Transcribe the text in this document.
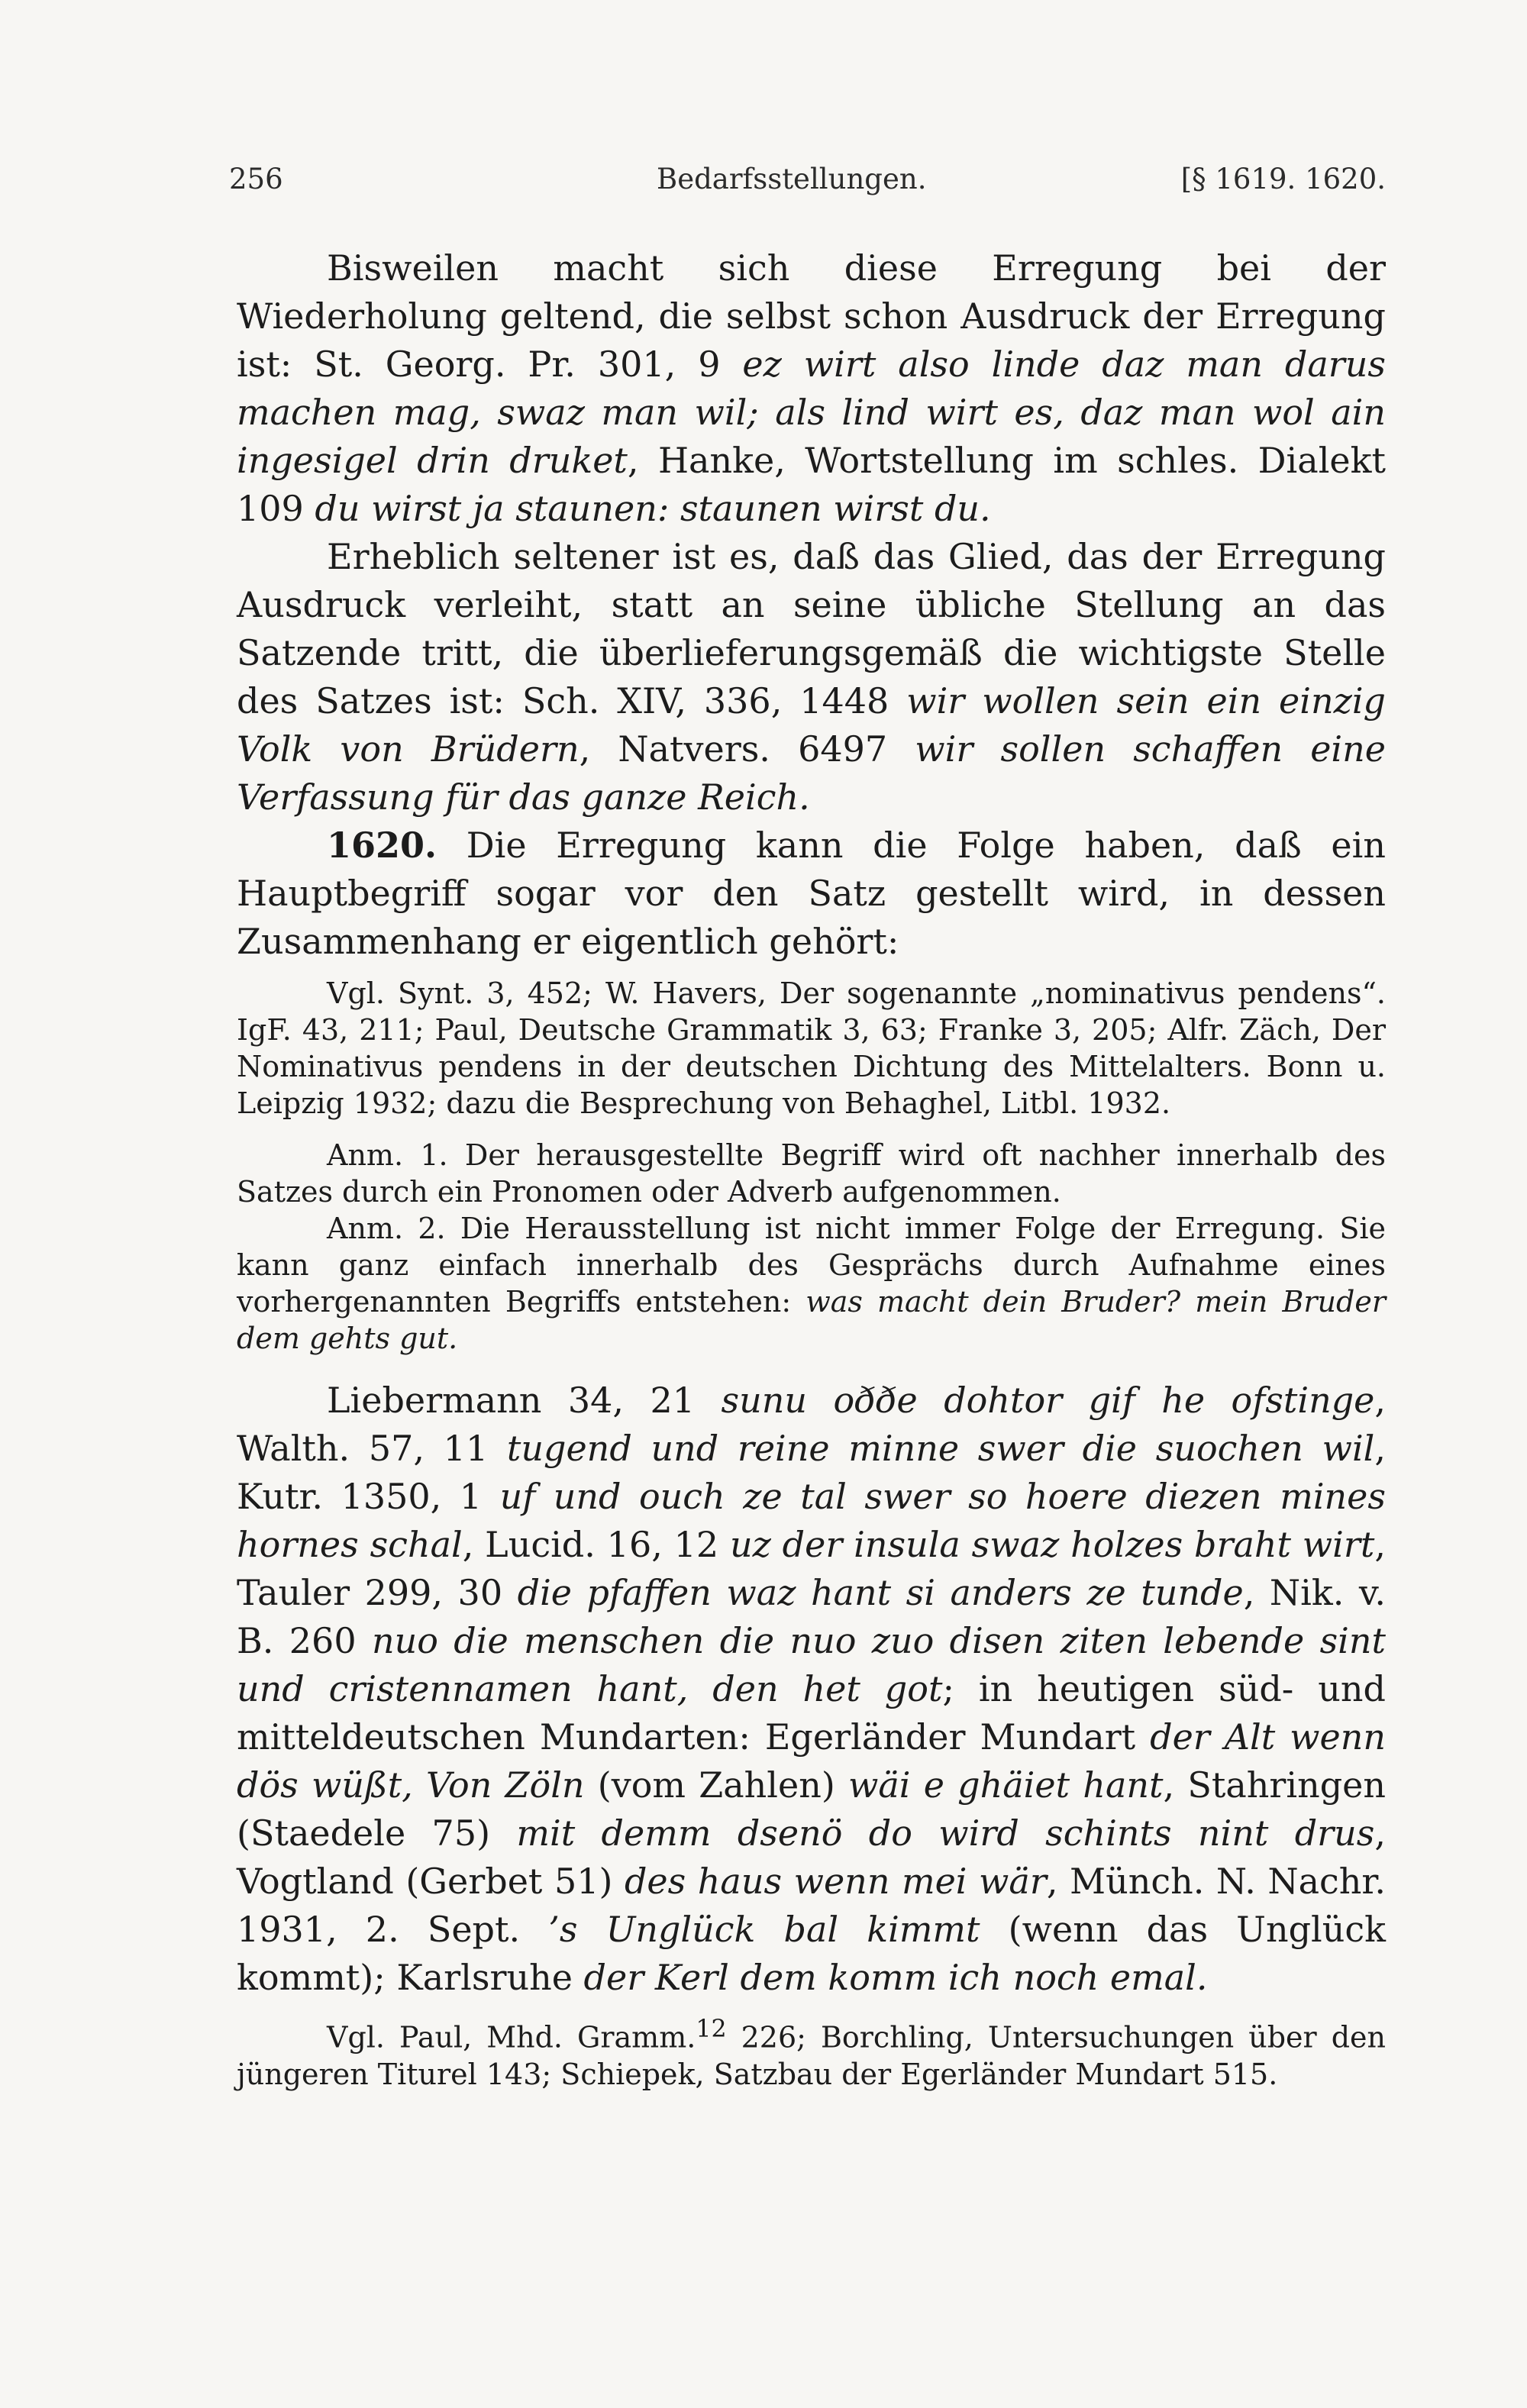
256	Bedarfsstellungen.	[§ 1619. 1620.

Bisweilen macht sich diese Erregung bei der Wiederholung geltend, die selbst schon Ausdruck der Erregung ist: St. Georg. Pr. 301, 9 ez wirt also linde daz man darus machen mag, swaz man wil; als lind wirt es, daz man wol ain ingesigel drin druket, Hanke, Wortstellung im schles. Dialekt 109 du wirst ja staunen: staunen wirst du.

Erheblich seltener ist es, daß das Glied, das der Erregung Ausdruck verleiht, statt an seine übliche Stellung an das Satzende tritt, die überlieferungsgemäß die wichtigste Stelle des Satzes ist: Sch. XIV, 336, 1448 wir wollen sein ein einzig Volk von Brüdern, Natvers. 6497 wir sollen schaffen eine Verfassung für das ganze Reich.

1620. Die Erregung kann die Folge haben, daß ein Hauptbegriff sogar vor den Satz gestellt wird, in dessen Zusammenhang er eigentlich gehört:

Vgl. Synt. 3, 452; W. Havers, Der sogenannte „nominativus pendens“. IgF. 43, 211; Paul, Deutsche Grammatik 3, 63; Franke 3, 205; Alfr. Zäch, Der Nominativus pendens in der deutschen Dichtung des Mittelalters. Bonn u. Leipzig 1932; dazu die Besprechung von Behaghel, Litbl. 1932.

Anm. 1. Der herausgestellte Begriff wird oft nachher innerhalb des Satzes durch ein Pronomen oder Adverb aufgenommen.

Anm. 2. Die Herausstellung ist nicht immer Folge der Erregung. Sie kann ganz einfach innerhalb des Gesprächs durch Aufnahme eines vorhergenannten Begriffs entstehen: was macht dein Bruder? mein Bruder dem gehts gut.

Liebermann 34, 21 sunu oððe dohtor gif he ofstinge, Walth. 57, 11 tugend und reine minne swer die suochen wil, Kutr. 1350, 1 uf und ouch ze tal swer so hoere diezen mines hornes schal, Lucid. 16, 12 uz der insula swaz holzes braht wirt, Tauler 299, 30 die pfaffen waz hant si anders ze tunde, Nik. v. B. 260 nuo die menschen die nuo zuo disen ziten lebende sint und cristennamen hant, den het got; in heutigen süd- und mitteldeutschen Mundarten: Egerländer Mundart der Alt wenn dös wüßt, Von Zöln (vom Zahlen) wäi e ghäiet hant, Stahringen (Staedele 75) mit demm dsenö do wird schints nint drus, Vogtland (Gerbet 51) des haus wenn mei wär, Münch. N. Nachr. 1931, 2. Sept. ’s Unglück bal kimmt (wenn das Unglück kommt); Karlsruhe der Kerl dem komm ich noch emal.

Vgl. Paul, Mhd. Gramm.$^{12}$ 226; Borchling, Untersuchungen über den jüngeren Titurel 143; Schiepek, Satzbau der Egerländer Mundart 515.
